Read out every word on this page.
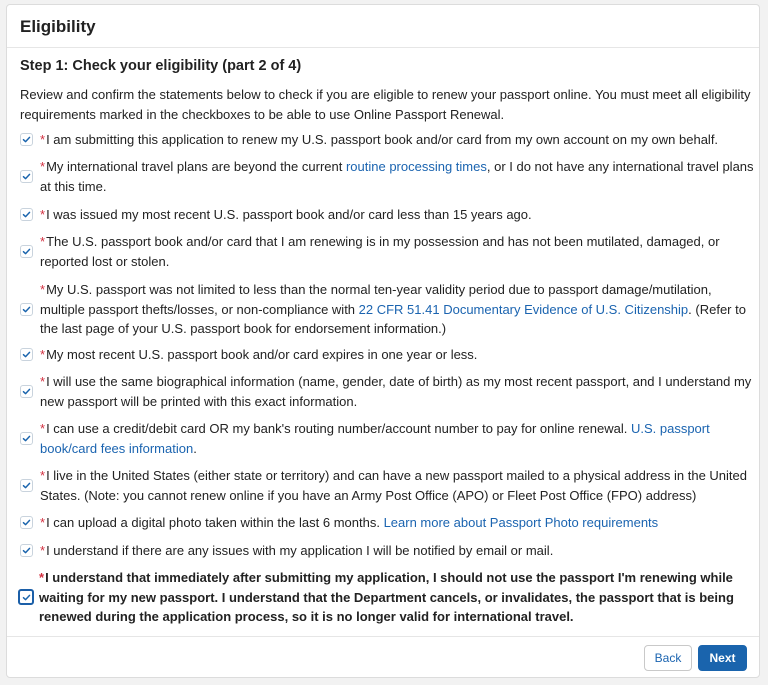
Eligibility
Step 1: Check your eligibility (part 2 of 4)

Review and confirm the statements below to check if you are eligible to renew your passport online. You must meet all eligibility requirements marked in the checkboxes to be able to use Online Passport Renewal.

*I am submitting this application to renew my U.S. passport book and/or card from my own account on my own behalf.
*My international travel plans are beyond the current routine processing times, or I do not have any international travel plans at this time.
*I was issued my most recent U.S. passport book and/or card less than 15 years ago.
*The U.S. passport book and/or card that I am renewing is in my possession and has not been mutilated, damaged, or reported lost or stolen.
*My U.S. passport was not limited to less than the normal ten-year validity period due to passport damage/mutilation, multiple passport thefts/losses, or non-compliance with 22 CFR 51.41 Documentary Evidence of U.S. Citizenship. (Refer to the last page of your U.S. passport book for endorsement information.)
*My most recent U.S. passport book and/or card expires in one year or less.
*I will use the same biographical information (name, gender, date of birth) as my most recent passport, and I understand my new passport will be printed with this exact information.
*I can use a credit/debit card OR my bank's routing number/account number to pay for online renewal. U.S. passport book/card fees information.
*I live in the United States (either state or territory) and can have a new passport mailed to a physical address in the United States. (Note: you cannot renew online if you have an Army Post Office (APO) or Fleet Post Office (FPO) address)
*I can upload a digital photo taken within the last 6 months. Learn more about Passport Photo requirements
*I understand if there are any issues with my application I will be notified by email or mail.
*I understand that immediately after submitting my application, I should not use the passport I'm renewing while waiting for my new passport. I understand that the Department cancels, or invalidates, the passport that is being renewed during the application process, so it is no longer valid for international travel.
Back	Next
